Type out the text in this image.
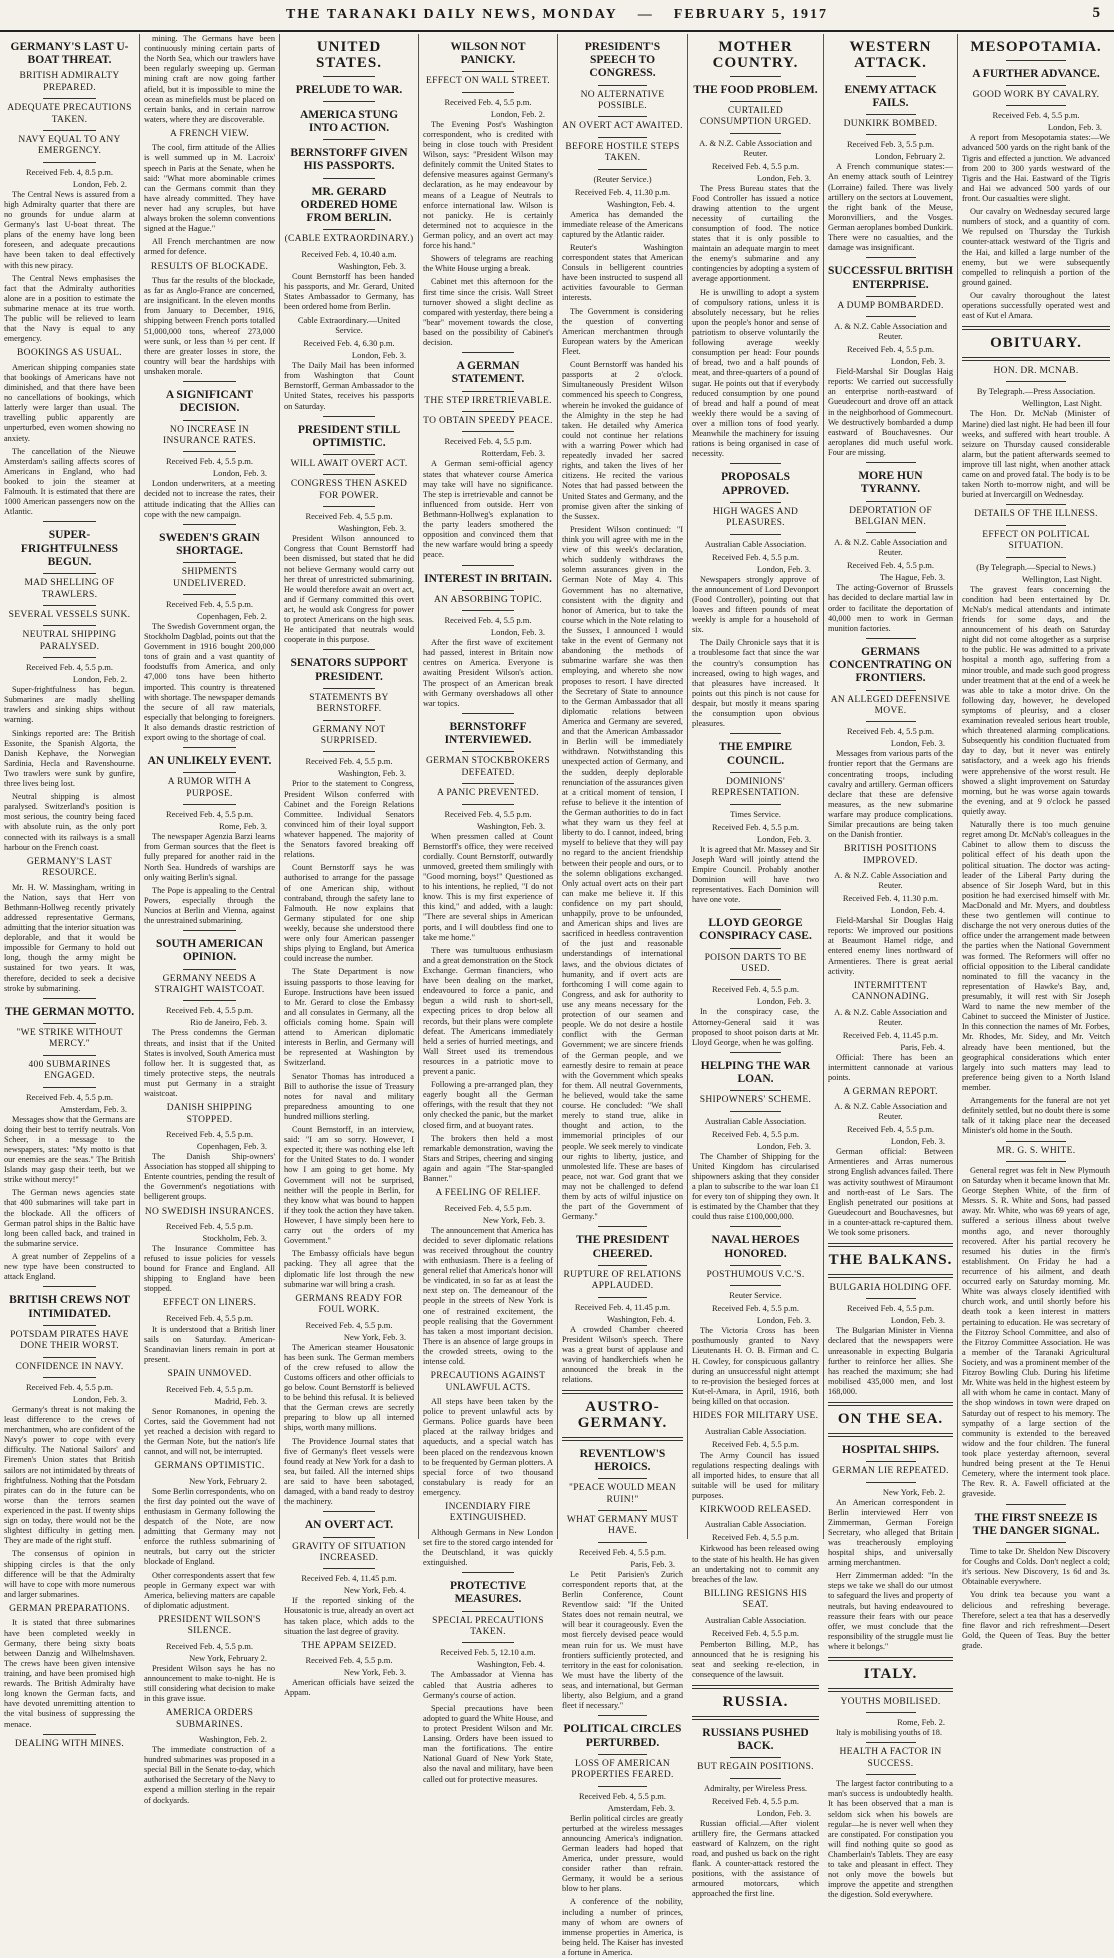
THE TARANAKI DAILY NEWS, MONDAY — FEBRUARY 5, 1917	5
GERMANY'S LAST U-BOAT THREAT.
BRITISH ADMIRALTY PREPARED.
ADEQUATE PRECAUTIONS TAKEN.
NAVY EQUAL TO ANY EMERGENCY.
Received Feb. 4, 8.5 p.m.
London, Feb. 2.
The Central News is assured from a high Admiralty quarter that there are no grounds for undue alarm at Germany's last U-boat threat. The plans of the enemy have long been foreseen, and adequate precautions have been taken to deal effectively with this new piracy.
The Central News emphasises the fact that the Admiralty authorities alone are in a position to estimate the submarine menace at its true worth. The public will be relieved to learn that the Navy is equal to any emergency.
BOOKINGS AS USUAL.
American shipping companies state that bookings of Americans have not diminished, and that there have been no cancellations of bookings, which latterly were larger than usual. The travelling public apparently are unperturbed, even women showing no anxiety.
The cancellation of the Nieuwe Amsterdam's sailing affects scores of Americans in England, who had booked to join the steamer at Falmouth. It is estimated that there are 1000 American passengers now on the Atlantic.
SUPER-FRIGHTFULNESS BEGUN.
MAD SHELLING OF TRAWLERS.
SEVERAL VESSELS SUNK.
NEUTRAL SHIPPING PARALYSED.
Received Feb. 4, 5.5 p.m.
London, Feb. 2.
Super-frightfulness has begun. Submarines are madly shelling trawlers and sinking ships without warning.
Sinkings reported are: The British Essonite, the Spanish Algorta, the Danish Kephave, the Norwegian Sardinia, Hecla and Ravenshourne. Two trawlers were sunk by gunfire, three lives being lost.
Neutral shipping is almost paralysed. Switzerland's position is most serious, the country being faced with absolute ruin, as the only port connected with its railways is a small harbour on the French coast.
GERMANY'S LAST RESOURCE.
Mr. H. W. Massingham, writing in the Nation, says that Herr von Bethmann-Hollweg recently privately addressed representative Germans, admitting that the interior situation was deplorable, and that it would be impossible for Germany to hold out long, though the army might be sustained for two years. It was, therefore, decided to seek a decisive stroke by submarining.
THE GERMAN MOTTO.
"WE STRIKE WITHOUT MERCY."
400 SUBMARINES ENGAGED.
Received Feb. 4, 5.5 p.m.
Amsterdam, Feb. 3.
Messages show that the Germans are doing their best to terrify neutrals. Von Scheer, in a message to the newspapers, states: "My motto is that our enemies are the seas." The British Islands may gasp their teeth, but we strike without mercy!"
The German news agencies state that 400 submarines will take part in the blockade. All the officers of German patrol ships in the Baltic have long been called back, and trained in the submarine service.
A great number of Zeppelins of a new type have been constructed to attack England.
BRITISH CREWS NOT INTIMIDATED.
POTSDAM PIRATES HAVE DONE THEIR WORST.
CONFIDENCE IN NAVY.
Received Feb. 4, 5.5 p.m.
London, Feb. 3.
Germany's threat is not making the least difference to the crews of merchantmen, who are confident of the Navy's power to cope with every difficulty. The National Sailors' and Firemen's Union states that British sailors are not intimidated by threats of frightfulness. Nothing that the Potsdam pirates can do in the future can be worse than the terrors seamen experienced in the past. If twenty ships sign on today, there would not be the slightest difficulty in getting men. They are made of the right stuff.
The consensus of opinion in shipping circles is that the only difference will be that the Admiralty will have to cope with more numerous and larger submarines.
GERMAN PREPARATIONS.
It is stated that three submarines have been completed weekly in Germany, there being sixty boats between Danzig and Wilhelmshaven. The crews have been given intensive training, and have been promised high rewards. The British Admiralty have long known the German facts, and have devoted unremitting attention to the vital business of suppressing the menace.
DEALING WITH MINES.
mining. The Germans have been continuously mining certain parts of the North Sea, which our trawlers have been regularly sweeping up. German mining craft are now going farther afield, but it is impossible to mine the ocean as minefields must be placed on certain banks, and in certain narrow waters, where they are discoverable.
A FRENCH VIEW.
The cool, firm attitude of the Allies is well summed up in M. Lacroix' speech in Paris at the Senate, when he said: "What more abominable crimes can the Germans commit than they have already committed. They have never had any scruples, but have always broken the solemn conventions signed at the Hague."
All French merchantmen are now armed for defence.
RESULTS OF BLOCKADE.
Thus far the results of the blockade, as far as Anglo-France are concerned, are insignificant. In the eleven months from January to December, 1916, shipping between French ports totalled 51,000,000 tons, whereof 273,000 were sunk, or less than ½ per cent. If there are greater losses in store, the country will bear the hardships with unshaken morale.
A SIGNIFICANT DECISION.
NO INCREASE IN INSURANCE RATES.
Received Feb. 4, 5.5 p.m.
London, Feb. 3.
London underwriters, at a meeting decided not to increase the rates, their attitude indicating that the Allies can cope with the new campaign.
SWEDEN'S GRAIN SHORTAGE.
SHIPMENTS UNDELIVERED.
Received Feb. 4, 5.5 p.m.
Copenhagen, Feb. 2.
The Swedish Government organ, the Stockholm Dagblad, points out that the Government in 1916 bought 200,000 tons of grain and a vast quantity of foodstuffs from America, and only 47,000 tons have been hitherto imported. This country is threatened with shortage. The newspaper demands the secure of all raw materials, especially that belonging to foreigners. It also demands drastic restriction of export owing to the shortage of coal.
AN UNLIKELY EVENT.
A RUMOR WITH A PURPOSE.
Received Feb. 4, 5.5 p.m.
Rome, Feb. 3.
The newspaper Agenzia Barzi learns from German sources that the fleet is fully prepared for another raid in the North Sea. Hundreds of warships are only waiting Berlin's signal.
The Pope is appealing to the Central Powers, especially through the Nuncios at Berlin and Vienna, against the unrestrained submarining.
SOUTH AMERICAN OPINION.
GERMANY NEEDS A STRAIGHT WAISTCOAT.
Received Feb. 4, 5.5 p.m.
Rio de Janeiro, Feb. 3.
The Press condemns the German threats, and insist that if the United States is involved, South America must follow her. It is suggested that, as timely protective steps, the neutrals must put Germany in a straight waistcoat.
DANISH SHIPPING STOPPED.
Received Feb. 4, 5.5 p.m.
Copenhagen, Feb. 3.
The Danish Ship-owners' Association has stopped all shipping to Entente countries, pending the result of the Government's negotiations with belligerent groups.
NO SWEDISH INSURANCES.
Received Feb. 4, 5.5 p.m.
Stockholm, Feb. 3.
The Insurance Committee has refused to issue policies for vessels bound for France and England. All shipping to England have been stopped.
EFFECT ON LINERS.
Received Feb. 4, 5.5 p.m.
It is understood that a British liner sails on Saturday. American-Scandinavian liners remain in port at present.
SPAIN UNMOVED.
Received Feb. 4, 5.5 p.m.
Madrid, Feb. 3.
Senor Romanones, in opening the Cortes, said the Government had not yet reached a decision with regard to the German Note, but the nation's life cannot, and will not, be interrupted.
GERMANS OPTIMISTIC.
New York, February 2.
Some Berlin correspondents, who on the first day pointed out the wave of enthusiasm in Germany following the despatch of the Note, are now admitting that Germany may not enforce the ruthless submarining of neutrals, but carry out the stricter blockade of England.
Other correspondents assert that few people in Germany expect war with America, believing matters are capable of diplomatic adjustment.
PRESIDENT WILSON'S SILENCE.
Received Feb. 4, 5.5 p.m.
New York, February 2.
President Wilson says he has no announcement to make to-night. He is still considering what decision to make in this grave issue.
AMERICA ORDERS SUBMARINES.
Washington, Feb. 2.
The immediate construction of a hundred submarines was proposed in a special Bill in the Senate to-day, which authorised the Secretary of the Navy to expend a million sterling in the repair of dockyards.
UNITED STATES.
PRELUDE TO WAR.
AMERICA STUNG INTO ACTION.
BERNSTORFF GIVEN HIS PASSPORTS.
MR. GERARD ORDERED HOME FROM BERLIN.
(CABLE EXTRAORDINARY.)
Received Feb. 4, 10.40 a.m.
Washington, Feb. 3.
Count Bernstorff has been handed his passports, and Mr. Gerard, United States Ambassador to Germany, has been ordered home from Berlin.
Cable Extraordinary.—United Service.
Received Feb. 4, 6.30 p.m.
London, Feb. 3.
The Daily Mail has been informed from Washington that Count Bernstorff, German Ambassador to the United States, receives his passports on Saturday.
PRESIDENT STILL OPTIMISTIC.
WILL AWAIT OVERT ACT.
CONGRESS THEN ASKED FOR POWER.
Received Feb. 4, 5.5 p.m.
Washington, Feb. 3.
President Wilson announced to Congress that Count Bernstorff had been dismissed, but stated that he did not believe Germany would carry out her threat of unrestricted submarining. He would therefore await an overt act, and if Germany committed this overt act, he would ask Congress for power to protect Americans on the high seas. He anticipated that neutrals would cooperate in this purpose.
SENATORS SUPPORT PRESIDENT.
STATEMENTS BY BERNSTORFF.
GERMANY NOT SURPRISED.
Received Feb. 4, 5.5 p.m.
Washington, Feb. 3.
Prior to the statement to Congress, President Wilson conferred with Cabinet and the Foreign Relations Committee. Individual Senators convinced him of their loyal support whatever happened. The majority of the Senators favored breaking off relations.
Count Bernstorff says he was authorised to arrange for the passage of one American ship, without contraband, through the safety lane to Falmouth. He now explains that Germany stipulated for one ship weekly, because she understood there were only four American passenger ships plying to England, but America could increase the number.
The State Department is now issuing passports to those leaving for Europe. Instructions have been issued to Mr. Gerard to close the Embassy and all consulates in Germany, all the officials coming home. Spain will attend to American diplomatic interests in Berlin, and Germany will be represented at Washington by Switzerland.
Senator Thomas has introduced a Bill to authorise the issue of Treasury notes for naval and military preparedness amounting to one hundred millions sterling.
Count Bernstorff, in an interview, said: "I am so sorry. However, I expected it; there was nothing else left for the United States to do. I wonder how I am going to get home. My Government will not be surprised, neither will the people in Berlin, for they know what was bound to happen if they took the action they have taken. However, I have simply been here to carry out the orders of my Government."
The Embassy officials have begun packing. They all agree that the diplomatic life lost through the new submarine war will bring a crash.
GERMANS READY FOR FOUL WORK.
Received Feb. 4, 5.5 p.m.
New York, Feb. 3.
The American steamer Housatonic has been sunk. The German members of the crew refused to allow the Customs officers and other officials to go below. Count Bernstorff is believed to be behind this refusal. It is believed that the German crews are secretly preparing to blow up all interned ships, worth many millions.
The Providence Journal states that five of Germany's fleet vessels were found ready at New York for a dash to sea, but failed. All the interned ships are said to have been sabotaged, damaged, with a band ready to destroy the machinery.
AN OVERT ACT.
GRAVITY OF SITUATION INCREASED.
Received Feb. 4, 11.45 p.m.
New York, Feb. 4.
If the reported sinking of the Housatonic is true, already an overt act has taken place, which adds to the situation the last degree of gravity.
THE APPAM SEIZED.
Received Feb. 4, 5.5 p.m.
New York, Feb. 3.
American officials have seized the Appam.
WILSON NOT PANICKY.
EFFECT ON WALL STREET.
Received Feb. 4, 5.5 p.m.
London, Feb. 2.
The Evening Post's Washington correspondent, who is credited with being in close touch with President Wilson, says: "President Wilson may definitely commit the United States to defensive measures against Germany's declaration, as he may endeavour by means of a League of Neutrals to enforce international law. Wilson is not panicky. He is certainly determined not to acquiesce in the German policy, and an overt act may force his hand."
Showers of telegrams are reaching the White House urging a break.
Cabinet met this afternoon for the first time since the crisis. Wall Street turnover showed a slight decline as compared with yesterday, there being a "bear" movement towards the close, based on the possibility of Cabinet's decision.
A GERMAN STATEMENT.
THE STEP IRRETRIEVABLE.
TO OBTAIN SPEEDY PEACE.
Received Feb. 4, 5.5 p.m.
Rotterdam, Feb. 3.
A German semi-official agency states that whatever course America may take will have no significance. The step is irretrievable and cannot be influenced from outside. Herr von Bethmann-Hollweg's explanation to the party leaders smothered the opposition and convinced them that the new warfare would bring a speedy peace.
INTEREST IN BRITAIN.
AN ABSORBING TOPIC.
Received Feb. 4, 5.5 p.m.
London, Feb. 3.
After the first wave of excitement had passed, interest in Britain now centres on America. Everyone is awaiting President Wilson's action. The prospect of an American break with Germany overshadows all other war topics.
BERNSTORFF INTERVIEWED.
GERMAN STOCKBROKERS DEFEATED.
A PANIC PREVENTED.
Received Feb. 4, 5.5 p.m.
Washington, Feb. 3.
When pressmen called at Count Bernstorff's office, they were received cordially. Count Bernstorff, outwardly unmoved, greeted them smilingly with "Good morning, boys!" Questioned as to his intentions, he replied, "I do not know. This is my first experience of this kind," and added, with a laugh: "There are several ships in American ports, and I will doubtless find one to take me home."
There was tumultuous enthusiasm and a great demonstration on the Stock Exchange. German financiers, who have been dealing on the market, endeavoured to force a panic, and begun a wild rush to short-sell, expecting prices to drop below all records, but their plans were complete defeat. The Americans immediately held a series of hurried meetings, and Wall Street used its tremendous resources in a patriotic move to prevent a panic.
Following a pre-arranged plan, they eagerly bought all the German offerings, with the result that they not only checked the panic, but the market closed firm, and at buoyant rates.
The brokers then held a most remarkable demonstration, waving the Stars and Stripes, cheering and singing again and again "The Star-spangled Banner."
A FEELING OF RELIEF.
Received Feb. 4, 5.5 p.m.
New York, Feb. 3.
The announcement that America has decided to sever diplomatic relations was received throughout the country with enthusiasm. There is a feeling of general relief that America's honor will be vindicated, in so far as at least the next step on. The demeanour of the people in the streets of New York is one of restrained excitement, the people realising that the Government has taken a most important decision. There is an absence of large groups in the crowded streets, owing to the intense cold.
PRECAUTIONS AGAINST UNLAWFUL ACTS.
All steps have been taken by the police to prevent unlawful acts by Germans. Police guards have been placed at the railway bridges and aqueducts, and a special watch has been placed on the rendezvous known to be frequented by German plotters. A special force of two thousand constabulary is ready for an emergency.
INCENDIARY FIRE EXTINGUISHED.
Although Germans in New London set fire to the stored cargo intended for the Deutschland, it was quickly extinguished.
PROTECTIVE MEASURES.
SPECIAL PRECAUTIONS TAKEN.
Received Feb. 5, 12.10 a.m.
Washington, Feb. 4.
The Ambassador at Vienna has cabled that Austria adheres to Germany's course of action.
Special precautions have been adopted to guard the White House, and to protect President Wilson and Mr. Lansing. Orders have been issued to man the fortifications. The entire National Guard of New York State, also the naval and military, have been called out for protective measures.
PRESIDENT'S SPEECH TO CONGRESS.
NO ALTERNATIVE POSSIBLE.
AN OVERT ACT AWAITED.
BEFORE HOSTILE STEPS TAKEN.
(Reuter Service.)
Received Feb. 4, 11.30 p.m.
Washington, Feb. 4.
America has demanded the immediate release of the Americans captured by the Atlantic raider.
Reuter's Washington correspondent states that American Consuls in belligerent countries have been instructed to suspend all activities favourable to German interests.
The Government is considering the question of converting American merchantmen through European waters by the American Fleet.
Count Bernstorff was handed his passports at 2 o'clock. Simultaneously President Wilson commenced his speech to Congress, wherein he invoked the guidance of the Almighty in the step he had taken. He detailed why America could not continue her relations with a warring Power which had repeatedly invaded her sacred rights, and taken the lives of her citizens. He recited the various Notes that had passed between the United States and Germany, and the promise given after the sinking of the Sussex.
President Wilson continued: "I think you will agree with me in the view of this week's declaration, which suddenly withdraws the solemn assurances given in the German Note of May 4. This Government has no alternative, consistent with the dignity and honor of America, but to take the course which in the Note relating to the Sussex, I announced I would take in the event of Germany not abandoning the methods of submarine warfare she was then employing, and whereto she now proposes to resort. I have directed the Secretary of State to announce to the German Ambassador that all diplomatic relations between America and Germany are severed, and that the American Ambassador in Berlin will be immediately withdrawn. Notwithstanding this unexpected action of Germany, and the sudden, deeply deplorable renunciation of the assurances given at a critical moment of tension, I refuse to believe it the intention of the German authorities to do in fact what they warn us they feel at liberty to do. I cannot, indeed, bring myself to believe that they will pay no regard to the ancient friendship between their people and ours, or to the solemn obligations exchanged. Only actual overt acts on their part can make me believe it. If this confidence on my part should, unhappily, prove to be unfounded, and American ships and lives are sacrificed in heedless contravention of the just and reasonable understandings of international laws, and the obvious dictates of humanity, and if overt acts are forthcoming I will come again to Congress, and ask for authority to use any means necessary for the protection of our seamen and people. We do not desire a hostile conflict with the German Government; we are sincere friends of the German people, and we earnestly desire to remain at peace with the Government which speaks for them. All neutral Governments, he believed, would take the same course. He concluded: "We shall merely to stand true, alike in thought and action, to the immemorial principles of our people. We seek merely to vindicate our rights to liberty, justice, and unmolested life. These are bases of peace, not war. God grant that we may not be challenged to defend them by acts of wilful injustice on the part of the Government of Germany."
THE PRESIDENT CHEERED.
RUPTURE OF RELATIONS APPLAUDED.
Received Feb. 4, 11.45 p.m.
Washington, Feb. 4.
A crowded Chamber cheered President Wilson's speech. There was a great burst of applause and waving of handkerchiefs when he announced the break in the relations.
AUSTRO-GERMANY.
REVENTLOW'S HEROICS.
"PEACE WOULD MEAN RUIN!"
WHAT GERMANY MUST HAVE.
Received Feb. 4, 5.5 p.m.
Paris, Feb. 3.
Le Petit Parisien's Zurich correspondent reports that, at the Berlin Conference, Count Reventlow said: "If the United States does not remain neutral, we will bear it courageously. Even the most fiercely devised peace would mean ruin for us. We must have frontiers sufficiently protected, and territory in the east for colonisation. We must have the liberty of the seas, and international, but German liberty, also Belgium, and a grand fleet if necessary."
POLITICAL CIRCLES PERTURBED.
LOSS OF AMERICAN PROPERTIES FEARED.
Received Feb. 4, 5.5 p.m.
Amsterdam, Feb. 3.
Berlin political circles are greatly perturbed at the wireless messages announcing America's indignation. German leaders had hoped that America, under pressure, would consider rather than refrain. Germany, it would be a serious blow to her plans.
A conference of the nobility, including a number of princes, many of whom are owners of immense properties in America, is being held. The Kaiser has invested a fortune in America.
MOTHER COUNTRY.
THE FOOD PROBLEM.
CURTAILED CONSUMPTION URGED.
A. & N.Z. Cable Association and Reuter.
Received Feb. 4, 5.5 p.m.
London, Feb. 3.
The Press Bureau states that the Food Controller has issued a notice drawing attention to the urgent necessity of curtailing the consumption of food. The notice states that it is only possible to maintain an adequate margin to meet the enemy's submarine and any contingencies by adopting a system of average apportionment.
He is unwilling to adopt a system of compulsory rations, unless it is absolutely necessary, but he relies upon the people's honor and sense of patriotism to observe voluntarily the following average weekly consumption per head: Four pounds of bread, two and a half pounds of meat, and three-quarters of a pound of sugar. He points out that if everybody reduced consumption by one pound of bread and half a pound of meat weekly there would be a saving of over a million tons of food yearly. Meanwhile the machinery for issuing rations is being organised in case of necessity.
PROPOSALS APPROVED.
HIGH WAGES AND PLEASURES.
Australian Cable Association.
Received Feb. 4, 5.5 p.m.
London, Feb. 3.
Newspapers strongly approve of the announcement of Lord Devonport (Food Controller), pointing out that loaves and fifteen pounds of meat weekly is ample for a household of six.
The Daily Chronicle says that it is a troublesome fact that since the war the country's consumption has increased, owing to high wages, and that pleasures have increased. It points out this pinch is not cause for despair, but mostly it means sparing the consumption upon obvious pleasures.
THE EMPIRE COUNCIL.
DOMINIONS' REPRESENTATION.
Times Service.
Received Feb. 4, 5.5 p.m.
London, Feb. 3.
It is agreed that Mr. Massey and Sir Joseph Ward will jointly attend the Empire Council. Probably another Dominion will have two representatives. Each Dominion will have one vote.
LLOYD GEORGE CONSPIRACY CASE.
POISON DARTS TO BE USED.
Received Feb. 4, 5.5 p.m.
London, Feb. 3.
In the conspiracy case, the Attorney-General said it was proposed to shoot poison darts at Mr. Lloyd George, when he was golfing.
HELPING THE WAR LOAN.
SHIPOWNERS' SCHEME.
Australian Cable Association.
Received Feb. 4, 5.5 p.m.
London, Feb. 3.
The Chamber of Shipping for the United Kingdom has circularised shipowners asking that they consider a plan to subscribe to the war loan £1 for every ton of shipping they own. It is estimated by the Chamber that they could thus raise £100,000,000.
NAVAL HEROES HONORED.
POSTHUMOUS V.C.'S.
Reuter Service.
Received Feb. 4, 5.5 p.m.
London, Feb. 3.
The Victoria Cross has been posthumously granted to Navy Lieutenants H. O. B. Firman and C. H. Cowley, for conspicuous gallantry during an unsuccessful night attempt to re-provision the besieged forces at Kut-el-Amara, in April, 1916, both being killed on that occasion.
HIDES FOR MILITARY USE.
Australian Cable Association.
Received Feb. 4, 5.5 p.m.
The Army Council has issued regulations respecting dealings with all imported hides, to ensure that all suitable will be used for military purposes.
KIRKWOOD RELEASED.
Australian Cable Association.
Received Feb. 4, 5.5 p.m.
Kirkwood has been released owing to the state of his health. He has given an undertaking not to commit any breaches of the law.
BILLING RESIGNS HIS SEAT.
Australian Cable Association.
Received Feb. 4, 5.5 p.m.
Pemberton Billing, M.P., has announced that he is resigning his seat and seeking re-election, in consequence of the lawsuit.
RUSSIA.
RUSSIANS PUSHED BACK.
BUT REGAIN POSITIONS.
Admiralty, per Wireless Press.
Received Feb. 4, 5.5 p.m.
London, Feb. 3.
Russian official.—After violent artillery fire, the Germans attacked eastward of Kalnzem, on the right road, and pushed us back on the right flank. A counter-attack restored the positions, with the assistance of armoured motorcars, which approached the first line.
WESTERN ATTACK.
ENEMY ATTACK FAILS.
DUNKIRK BOMBED.
Received Feb. 3, 5.5 p.m.
London, February 2.
A French communique states:—An enemy attack south of Leintrey (Lorraine) failed. There was lively artillery on the sectors at Louvement, the right bank of the Meuse, Moronvilliers, and the Vosges. German aeroplanes bombed Dunkirk. There were no casualties, and the damage was insignificant.
SUCCESSFUL BRITISH ENTERPRISE.
A DUMP BOMBARDED.
A. & N.Z. Cable Association and Reuter.
Received Feb. 4, 5.5 p.m.
London, Feb. 3.
Field-Marshal Sir Douglas Haig reports: We carried out successfully an enterprise north-eastward of Gueudecourt and drove off an attack in the neighborhood of Gommecourt. We destructively bombarded a dump eastward of Bouchavesnes. Our aeroplanes did much useful work. Four are missing.
MORE HUN TYRANNY.
DEPORTATION OF BELGIAN MEN.
A. & N.Z. Cable Association and Reuter.
Received Feb. 4, 5.5 p.m.
The Hague, Feb. 3.
The acting-Governor of Brussels has decided to declare martial law in order to facilitate the deportation of 40,000 men to work in German munition factories.
GERMANS CONCENTRATING ON FRONTIERS.
AN ALLEGED DEFENSIVE MOVE.
Received Feb. 4, 5.5 p.m.
London, Feb. 3.
Messages from various parts of the frontier report that the Germans are concentrating troops, including cavalry and artillery. German officers declare that these are defensive measures, as the new submarine warfare may produce complications. Similar precautions are being taken on the Danish frontier.
BRITISH POSITIONS IMPROVED.
A. & N.Z. Cable Association and Reuter.
Received Feb. 4, 11.30 p.m.
London, Feb. 4.
Field-Marshal Sir Douglas Haig reports: We improved our positions at Beaumont Hamel ridge, and entered enemy lines northward of Armentieres. There is great aerial activity.
INTERMITTENT CANNONADING.
A. & N.Z. Cable Association and Reuter.
Received Feb. 4, 11.45 p.m.
Paris, Feb. 4.
Official: There has been an intermittent cannonade at various points.
A GERMAN REPORT.
A. & N.Z. Cable Association and Reuter.
Received Feb. 4, 5.5 p.m.
London, Feb. 3.
German official: Between Armentieres and Arras numerous strong English advances failed. There was activity southwest of Miraumont and north-east of Le Sars. The English penetrated our positions at Gueudecourt and Bouchavesnes, but in a counter-attack re-captured them. We took some prisoners.
THE BALKANS.
BULGARIA HOLDING OFF.
Received Feb. 4, 5.5 p.m.
London, Feb. 3.
The Bulgarian Minister in Vienna declared that the newspapers were unreasonable in expecting Bulgaria further to reinforce her allies. She has reached the maximum; she had mobilised 435,000 men, and lost 168,000.
ON THE SEA.
HOSPITAL SHIPS.
GERMAN LIE REPEATED.
New York, Feb. 2.
An American correspondent in Berlin interviewed Herr von Zimmerman, German Foreign Secretary, who alleged that Britain was treacherously employing hospital ships, and universally arming merchantmen.
Herr Zimmerman added: "In the steps we take we shall do our utmost to safeguard the lives and property of neutrals, but having endeavoured to reassure their fears with our peace offer, we must conclude that the responsibility of the struggle must lie where it belongs."
ITALY.
YOUTHS MOBILISED.
Rome, Feb. 2.
Italy is mobilising youths of 18.
HEALTH A FACTOR IN SUCCESS.
The largest factor contributing to a man's success is undoubtedly health. It has been observed that a man is seldom sick when his bowels are regular—he is never well when they are constipated. For constipation you will find nothing quite so good as Chamberlain's Tablets. They are easy to take and pleasant in effect. They not only move the bowels but improve the appetite and strengthen the digestion. Sold everywhere.
MESOPOTAMIA.
A FURTHER ADVANCE.
GOOD WORK BY CAVALRY.
Received Feb. 4, 5.5 p.m.
London, Feb. 3.
A report from Mesopotamia states:—We advanced 500 yards on the right bank of the Tigris and effected a junction. We advanced from 200 to 300 yards westward of the Tigris and the Hai. Eastward of the Tigris and Hai we advanced 500 yards of our front. Our casualties were slight.
Our cavalry on Wednesday secured large numbers of stock, and a quantity of corn. We repulsed on Thursday the Turkish counter-attack westward of the Tigris and the Hai, and killed a large number of the enemy, but we were subsequently compelled to relinquish a portion of the ground gained.
Our cavalry thoroughout the latest operations successfully operated west and east of Kut el Amara.
OBITUARY.
HON. DR. MCNAB.
By Telegraph.—Press Association.
Wellington, Last Night.
The Hon. Dr. McNab (Minister of Marine) died last night. He had been ill four weeks, and suffered with heart trouble. A seizure on Thursday caused considerable alarm, but the patient afterwards seemed to improve till last night, when another attack came on and proved fatal. The body is to be taken North to-morrow night, and will be buried at Invercargill on Wednesday.
DETAILS OF THE ILLNESS.
EFFECT ON POLITICAL SITUATION.
(By Telegraph.—Special to News.)
Wellington, Last Night.
The gravest fears concerning the condition had been entertained by Dr. McNab's medical attendants and intimate friends for some days, and the announcement of his death on Saturday night did not come altogether as a surprise to the public. He was admitted to a private hospital a month ago, suffering from a minor trouble, and made such good progress under treatment that at the end of a week he was able to take a motor drive. On the following day, however, he developed symptoms of pleurisy, and a closer examination revealed serious heart trouble, which threatened alarming complications. Subsequently his condition fluctuated from day to day, but it never was entirely satisfactory, and a week ago his friends were apprehensive of the worst result. He showed a slight improvement on Saturday morning, but he was worse again towards the evening, and at 9 o'clock he passed quietly away.
Naturally there is too much genuine regret among Dr. McNab's colleagues in the Cabinet to allow them to discuss the political effect of his death upon the political situation. The doctor was acting-leader of the Liberal Party during the absence of Sir Joseph Ward, but in this position he had exercised himself with Mr. MacDonald and Mr. Myers, and doubtless these two gentlemen will continue to discharge the not very onerous duties of the office under the arrangement made between the parties when the National Government was formed. The Reformers will offer no official opposition to the Liberal candidate nominated to fill the vacancy in the representation of Hawke's Bay, and, presumably, it will rest with Sir Joseph Ward to name the new member of the Cabinet to succeed the Minister of Justice. In this connection the names of Mr. Forbes, Mr. Rhodes, Mr. Sidey, and Mr. Veitch already have been mentioned, but the geographical considerations which enter largely into such matters may lead to preference being given to a North Island member.
Arrangements for the funeral are not yet definitely settled, but no doubt there is some talk of it taking place near the deceased Minister's old home in the South.
MR. G. S. WHITE.
General regret was felt in New Plymouth on Saturday when it became known that Mr. George Stephen White, of the firm of Messrs. S. R. White and Sons, had passed away. Mr. White, who was 69 years of age, suffered a serious illness about twelve months ago, and never thoroughly recovered. After his partial recovery he resumed his duties in the firm's establishment. On Friday he had a recurrence of his ailment, and death occurred early on Saturday morning. Mr. White was always closely identified with church work, and until shortly before his death took a keen interest in matters pertaining to education. He was secretary of the Fitzroy School Committee, and also of the Fitzroy Committee Association. He was a member of the Taranaki Agricultural Society, and was a prominent member of the Fitzroy Bowling Club. During his lifetime Mr. White was held in the highest esteem by all with whom he came in contact. Many of the shop windows in town were draped on Saturday out of respect to his memory. The sympathy of a large section of the community is extended to the bereaved widow and the four children. The funeral took place yesterday afternoon, several hundred being present at the Te Henui Cemetery, where the interment took place. The Rev. R. A. Fawell officiated at the graveside.
THE FIRST SNEEZE IS THE DANGER SIGNAL.
Time to take Dr. Sheldon New Discovery for Coughs and Colds. Don't neglect a cold; it's serious. New Discovery, 1s 6d and 3s. Obtainable everywhere.
You drink tea because you want a delicious and refreshing beverage. Therefore, select a tea that has a deservedly fine flavor and rich refreshment—Desert Gold, the Queen of Teas. Buy the better grade.
